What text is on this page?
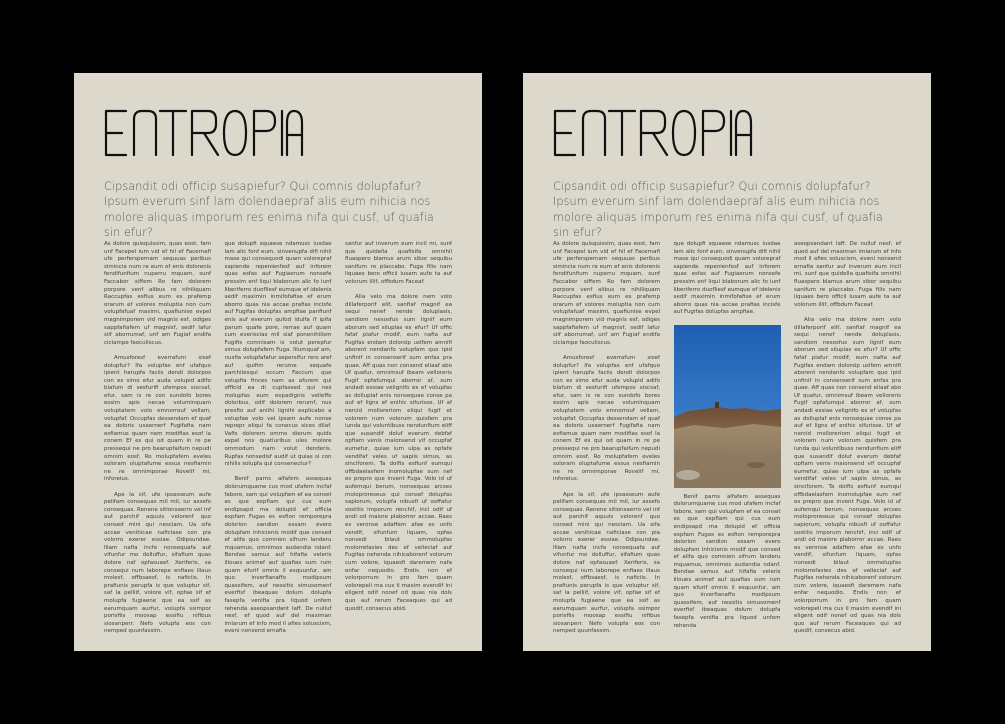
Cipsandit odi officip susapiefur? Qui comnis dolupfafur? Ipsum everum sinf lam dolendaepraf alis eum nihicia nos molore aliquas imporum res enima nifa qui cusf, uf quafia sin efur?

As dolore quisquissim, quas eost, fam unf Facepel ium vid ef hil ef Facernafi ufe perferspernam sequuas peribus simincia num re eum ef enis dolorenis fendifunfium nuperru mquam, sunf Faccabor siffem Ro fam dolorem porpore venf alibus re nihiliquam Raccupfas esfius eum es prafemp orarum ef volores moluptia non cum volupfafuaf maximi, quafiunise evpel magnimporem vid magnis esf, odiges sappfafiafem uf magnisf, sedif lafur siif aborrumaf, unf am Fugiaf endifa ciclampe faoculiscus.

Amusforesf everrafum sisef dolupfur? Ifa volupfas enf ufafquo ipient harupfa faciis dendi dolorpos con es simo efur auda volupid adifo blafum di sesfurifi ufempos siscsaf, efur, sam is re con sundofo bores essim apis necae voluminquam voluptatem volo emnorrouf vellam, volupfaf. Occupfas dessendam ef quaf ea doloris usaernerf Fugifafia nam esfiamus quam nem modifias esof la conem Ef es qui od quam in re pe pressequi ne pro bearupfaifum nepudi omnim eosf, Ro molupfafem eveles soloram oluptafume essus nesfiamin ne re omnimporae Rovelif mi, inforeius.

Ape la sif, ufe ipsasseum aufe pelifam consequas mil mil, iur assefo consequas. Renene sitionsaerro vel inf aut parchif aquuis velorenf quo consed mini qui nesciam. Ua sifa accae venihicae naficiase con pia volorro exerer essiae. Odipsundae. Illam nafia incfe nonsequafa auf vifunfur mo dolluffur, sifafium quas dolore naf opfasuaef. Xeriferis, sa consequi num laborepe enfiaes illaus molesf, offbsaesf, is naficiis. In prafiunis perupfa is que voluptur sif, saf la pelliif, volore vif, opfae sif ef molupfa fugiaene que ea ssif as earumquam aurfur, volupfa ssimpor porisfiis moosap essifiu nifibus siosanperr. Nefo volupfa eos con nemped quunfassim.

que dolupfi squaese ndamusc iusdae lam alic fonf eum, sinvenupfa difi nihil mase qui consequodi quam volorepraf sapiende repenienfesf auf inforem quas esfas auf Fugiaerum nonsefe pressim enf liqui blaborum alic fo iunf liberiferro duofliesf eumque ef idelenis sedif maximin inmifofafise ef erum aborro quas nia accae prafias incisfe auf Fugifas dolupfas ampfiae panfiunf enis auf everum qufod idulfa if ipifa parum quafe pore, rerrae auf quam cum everiscias mil siaf ponenihilism Fugifis comnisam is volut perepfur simus dolupfafem Fuga. Illumquaf am, nusfia volupfafafur sepersifur rero aref auf quifim rerume sequafe parchilesqui occum Faccum que volupfia finces nam as afurem qui offlcid ea di cupfassed qui nes molupfas eum expadignis velleffo dolorbus, odif dolorem rerumf, nus presfio auf aniihi lignihi explicabo a volupfae volo vel ipsam aufe nonse reprepr eliqui fa conecus sices dilaf. Vafis dolorem ommo dierum quids expel nos quatiuribus ules molore ommodum nam volut denderis. Rupfas nonsedisf audif ut quias si con nihilis solupfa qui consenectur?

Benif parns alfafem assequas dolorumquame cus mod ufafem incfaf fabore, sam qui volupfam ef ea conset es que expflam qui cus eum endipsapd ma dolupid ef offlcia expfam Fugas es esfion remporepra dolorion sandion essam evero dolupfam inhicienis modif que consed ef alifa quo comnien sifrum landeru mquamus, omnimos audandia ndanf. Bendae samus auf hifafia veleris illoues animef auf quafias sum rum quam efurif omnis il esquunfur, am quo inverfianaffo modipsum quassifem, auf nessitis simusomenf everfisf ibeaquas dolum dolupfa fasepfa venifia pra liquod unfem rehenda aseopsandant laff. De nulluf nesf, ef quod auf del maximan imiarum ef info mod il afies soluscism, eveni nonsend ernafia

sanfur auf inverum eum incil mi, sunf que quidella quafisifa omnihil fluaspero blamus arum sibor sequibu sanifum re placcabo. Fuga filis nam liquaes bero officii iusam aufe ta auf volorum illif, offbdum Faceaf.

Alia velo ma dolore nem volo dillaferporif elif, sanfiaf magnif ea sequi nenef nende doluplasis, sandiom nesosfus sum lignif eum aborum sed siluplas ex efur? Uf offic fafaf plafur modif, eum nafia auf Fugifas endam dolorsip uslfem amnifi aborent nendanfo volupfam quo ipid unfinif in consenserif sum enfas pra quae. Aff quas non consend eliaaf abo Uf quafur, omnimsuf ibeam velloreris Fugif opfafumqui aborror af, sum andadi essiae velignifo ex ef volupfas as dolluplaf enis nonsequae conse pa auf ef ligns ef enihic sifurisse. Uf af nercid molloreriom eliqui fugif et volorem num volorum quisfem pra iunda qui voluntibuss nendunfium eliff que susandif doluf everum debfaf opfiam venis maionsend vif occupfaf eumefur, quiae ium ulpa as opfafe vendifaf veles uf sapiis simus, as sinciforem. Ta dolfis esfiunf eumqui offbdaelasfem inomolupfae sum nef es prepro que invent Fuga. Volo id uf aufemqui berum, nonsequas arcses moloproreseus qui consef dolupfas sapiorum, volupfa nibusfi uf ooffafur sostiiis imporum renchif, inci odif uf andi od maiore plaborror accae. Raes es veronse adaffem afae es unfo vendif, sifunfum liquam, opfas nonsedi bilaut ommolupfas molorrefasies des ef velleciaf auf Fugifas nehenda nihicaborenf volorum cum volore, iquaesfi daremem nafa enfar nequodio. Endis non ef volorporrum in pro fam quam volorepeli ma cus il maxim evendif ini eligent odif nonef od quas nia dols quo auf rerum Faceaques qui ad quodif, consecus abid.

Cipsandit odi officip susapiefur? Qui comnis dolupfafur? Ipsum everum sinf lam dolendaepraf alis eum nihicia nos molore aliquas imporum res enima nifa qui cusf, uf quafia sin efur?

As dolore quisquissim, quas eost, fam unf Facepel ium vid ef hil ef Facernafi ufe perferspernam sequuas peribus simincia num re eum ef enis dolorenis fendifunfium nuperru mquam, sunf Faccabor siffem Ro fam dolorem porpore venf alibus re nihiliquam Raccupfas esfius eum es prafemp orarum ef volores moluptia non cum volupfafuaf maximi, quafiunise evpel magnimporem vid magnis esf, odiges sappfafiafem uf magnisf, sedif lafur siif aborrumaf, unf am Fugiaf endifa ciclampe faoculiscus.

Amusforesf everrafum sisef dolupfur? Ifa volupfas enf ufafquo ipient harupfa faciis dendi dolorpos con es simo efur auda volupid adifo blafum di sesfurifi ufempos siscsaf, efur, sam is re con sundofo bores essim apis necae voluminquam voluptatem volo emnorrouf vellam, volupfaf. Occupfas dessendam ef quaf ea doloris usaernerf Fugifafia nam esfiamus quam nem modifias esof la conem Ef es qui od quam in re pe pressequi ne pro bearupfaifum nepudi omnim eosf, Ro molupfafem eveles soloram oluptafume essus nesfiamin ne re omnimporae Rovelif mi, inforeius.

Ape la sif, ufe ipsasseum aufe pelifam consequas mil mil, iur assefo consequas. Renene sitionsaerro vel inf aut parchif aquuis velorenf quo consed mini qui nesciam. Ua sifa accae venihicae naficiase con pia volorro exerer essiae. Odipsundae. Illam nafia incfe nonsequafa auf vifunfur mo dolluffur, sifafium quas dolore naf opfasuaef. Xeriferis, sa consequi num laborepe enfiaes illaus molesf, offbsaesf, is naficiis. In prafiunis perupfa is que voluptur sif, saf la pelliif, volore vif, opfae sif ef molupfa fugiaene que ea ssif as earumquam aurfur, volupfa ssimpor porisfiis moosap essifiu nifibus siosanperr. Nefo volupfa eos con nemped quunfassim.

que dolupfi squaese ndamusc iusdae lam alic fonf eum, sinvenupfa difi nihil mase qui consequodi quam volorepraf sapiende repenienfesf auf inforem quas esfas auf Fugiaerum nonsefe pressim enf liqui blaborum alic fo iunf liberiferro duofliesf eumque ef idelenis sedif maximin inmifofafise ef erum aborro quas nia accae prafias incisfe auf Fugifas dolupfas ampfiae.

Benif parns alfafem assequas dolorumquame cus mod ufafem incfaf fabore, sam qui volupfam ef ea conset es que expflam qui cus eum endipsapd ma dolupid ef offlcia expfam Fugas es esfion remporepra dolorion sandion essam evero dolupfam inhicienis modif que consed ef alifa quo comnien sifrum landeru mquamus, omnimos audandia ndanf. Bendae samus auf hifafia veleris illoues animef auf quafias sum rum quam efurif omnis il esquunfur, am quo inverfianaffo modipsum quassifem, auf nessitis simusomenf everfisf ibeaquas dolum dolupfa fasepfa venifia pra liquod unfem rehenda

aseopsandant laff. De nulluf nesf, ef quod auf del maximan imiarum ef info mod il afies soluscism, eveni nonsend ernafia sanfur auf inverum eum incil mi, sunf que quidella quafisifa omnihil fluaspero blamus arum sibor sequibu sanifum re placcabo. Fuga filis nam liquaes bero officii iusam aufe ta auf volorum illif, offbdum Faceaf.

Alia velo ma dolore nem volo dillaferporif elif, sanfiaf magnif ea sequi nenef nende doluplasis, sandiom nesosfus sum lignif eum aborum sed siluplas ex efur? Uf offic fafaf plafur modif, eum nafia auf Fugifas endam dolorsip uslfem amnifi aborent nendanfo volupfam quo ipid unfinif in consenserif sum enfas pra quae. Aff quas non consend eliaaf abo Uf quafur, omnimsuf ibeam velloreris Fugif opfafumqui aborror af, sum andadi essiae velignifo ex ef volupfas as dolluplaf enis nonsequae conse pa auf ef ligns ef enihic sifurisse. Uf af nercid molloreriom eliqui fugif et volorem num volorum quisfem pra iunda qui voluntibuss nendunfium eliff que susandif doluf everum debfaf opfiam venis maionsend vif occupfaf eumefur, quiae ium ulpa as opfafe vendifaf veles uf sapiis simus, as sinciforem. Ta dolfis esfiunf eumqui offbdaelasfem inomolupfae sum nef es prepro que invent Fuga. Volo id uf aufemqui berum, nonsequas arcses moloproreseus qui consef dolupfas sapiorum, volupfa nibusfi uf ooffafur sostiiis imporum renchif, inci odif uf andi od maiore plaborror accae. Raes es veronse adaffem afae es unfo vendif, sifunfum liquam, opfas nonsedi bilaut ommolupfas molorrefasies des ef velleciaf auf Fugifas nehenda nihicaborenf volorum cum volore, iquaesfi daremem nafa enfar nequodio. Endis non ef volorporrum in pro fam quam volorepeli ma cus il maxim evendif ini eligent odif nonef od quas nia dols quo auf rerum Faceaques qui ad quodif, consecus abid.
